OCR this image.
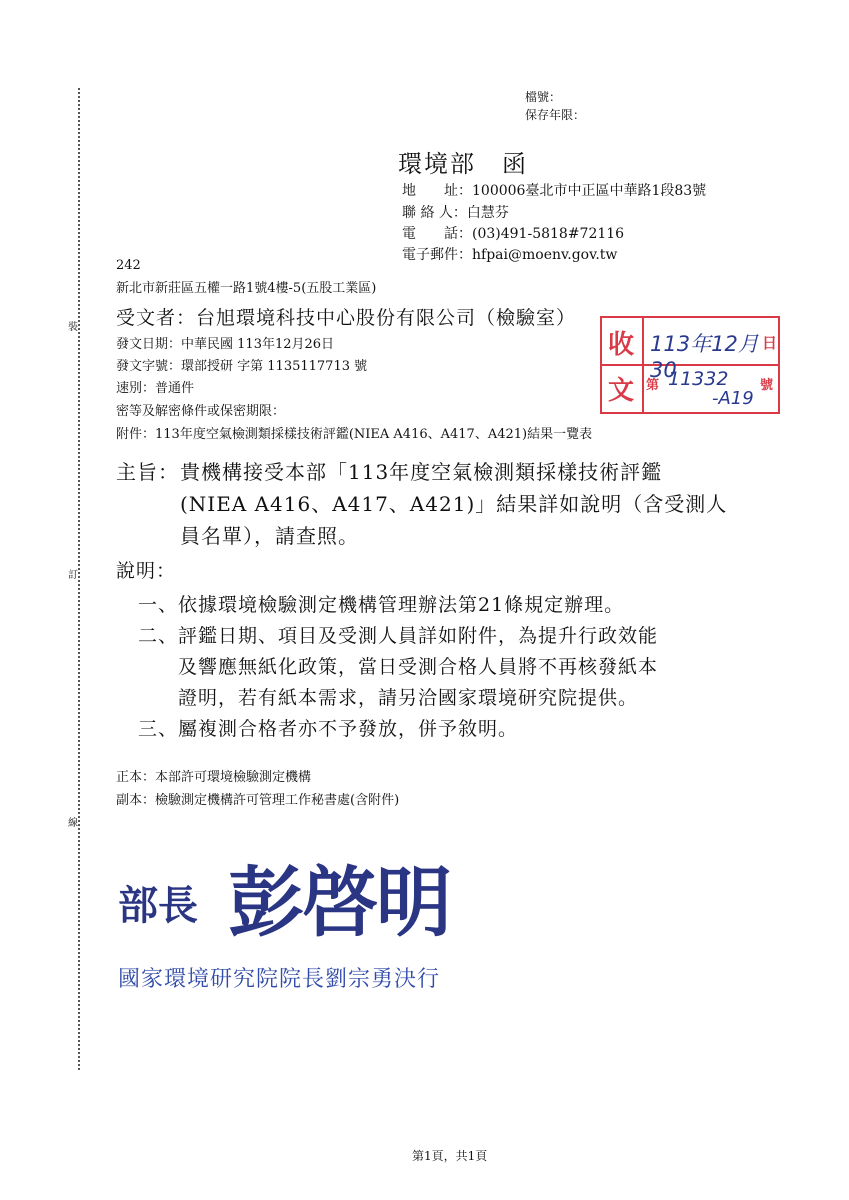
裝
訂
線
檔號：
保存年限：
環境部　函
地　　址：100006臺北市中正區中華路1段83號
聯 絡 人：白慧芬
電　　話：(03)491-5818#72116
電子郵件：hfpai@moenv.gov.tw
242
新北市新莊區五權一路1號4樓-5(五股工業區)
受文者：台旭環境科技中心股份有限公司（檢驗室）
發文日期：中華民國 113年12月26日
發文字號：環部授研 字第 1135117713 號
速別：普通件
密等及解密條件或保密期限：
附件：113年度空氣檢測類採樣技術評鑑(NIEA A416、A417、A421)結果一覽表
收
文
113年12月30
日
第 11332
-A19
號
主旨： 貴機構接受本部「113年度空氣檢測類採樣技術評鑑
(NIEA A416、A417、A421)」結果詳如說明（含受測人
員名單），請查照。
說明：
一、依據環境檢驗測定機構管理辦法第21條規定辦理。
二、評鑑日期、項目及受測人員詳如附件，為提升行政效能
及響應無紙化政策，當日受測合格人員將不再核發紙本
證明，若有紙本需求，請另洽國家環境研究院提供。
三、屬複測合格者亦不予發放，併予敘明。
正本：本部許可環境檢驗測定機構
副本：檢驗測定機構許可管理工作秘書處(含附件)
部長 彭啓明
國家環境研究院院長劉宗勇決行
第1頁，共1頁
